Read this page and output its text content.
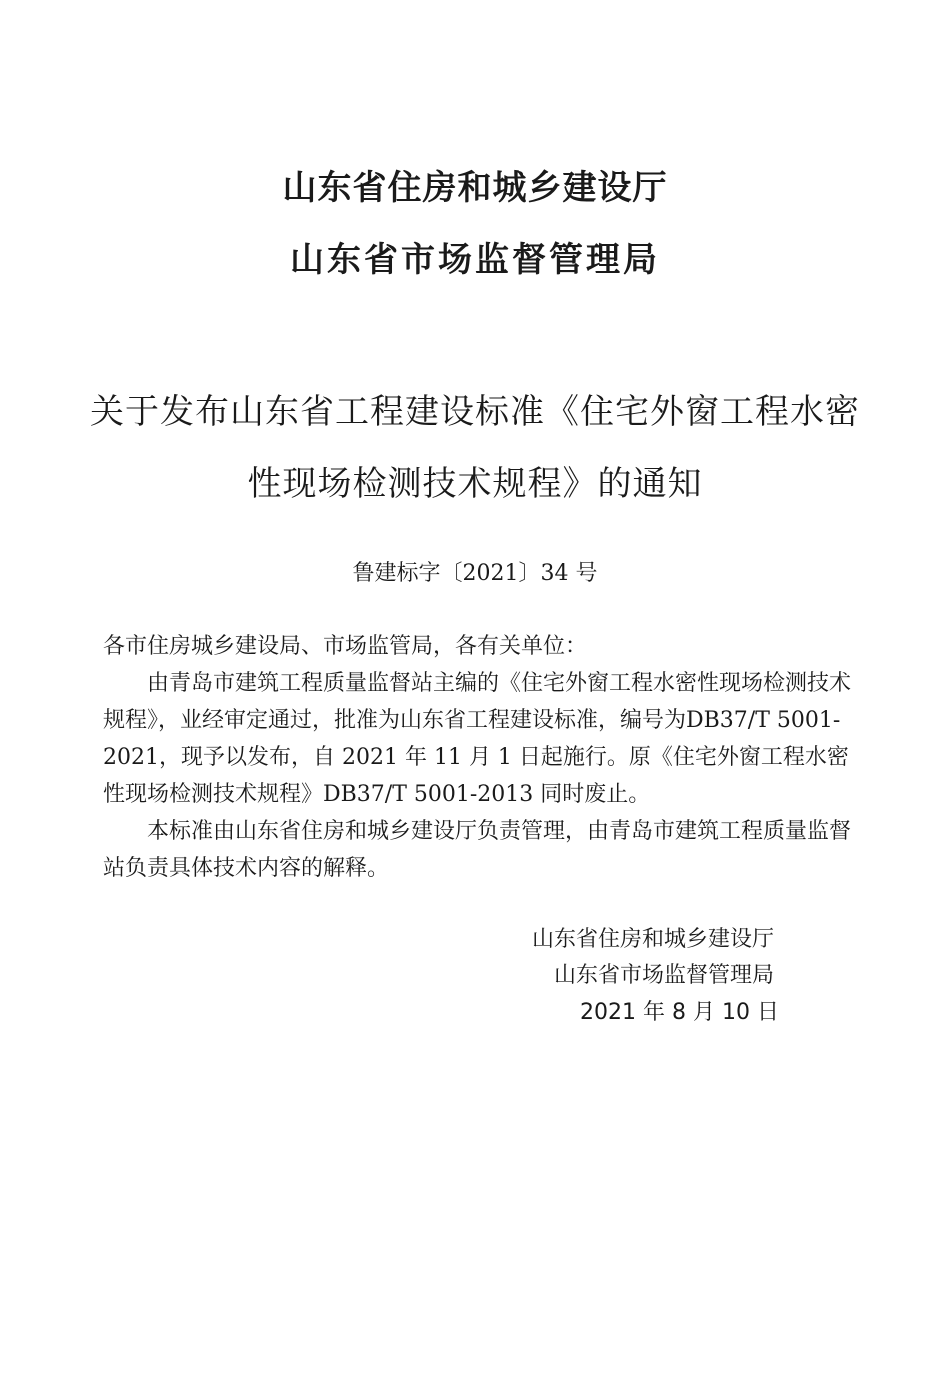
山东省住房和城乡建设厅
山东省市场监督管理局
关于发布山东省工程建设标准《住宅外窗工程水密
性现场检测技术规程》的通知
鲁建标字〔2021〕34 号

各市住房城乡建设局、市场监管局，各有关单位：

由青岛市建筑工程质量监督站主编的《住宅外窗工程水密性现场检测技术规程》，业经审定通过，批准为山东省工程建设标准，编号为DB37/T 5001-2021，现予以发布，自 2021 年 11 月 1 日起施行。原《住宅外窗工程水密性现场检测技术规程》DB37/T 5001-2013 同时废止。

本标准由山东省住房和城乡建设厅负责管理，由青岛市建筑工程质量监督站负责具体技术内容的解释。

山东省住房和城乡建设厅
山东省市场监督管理局
2021 年 8 月 10 日
